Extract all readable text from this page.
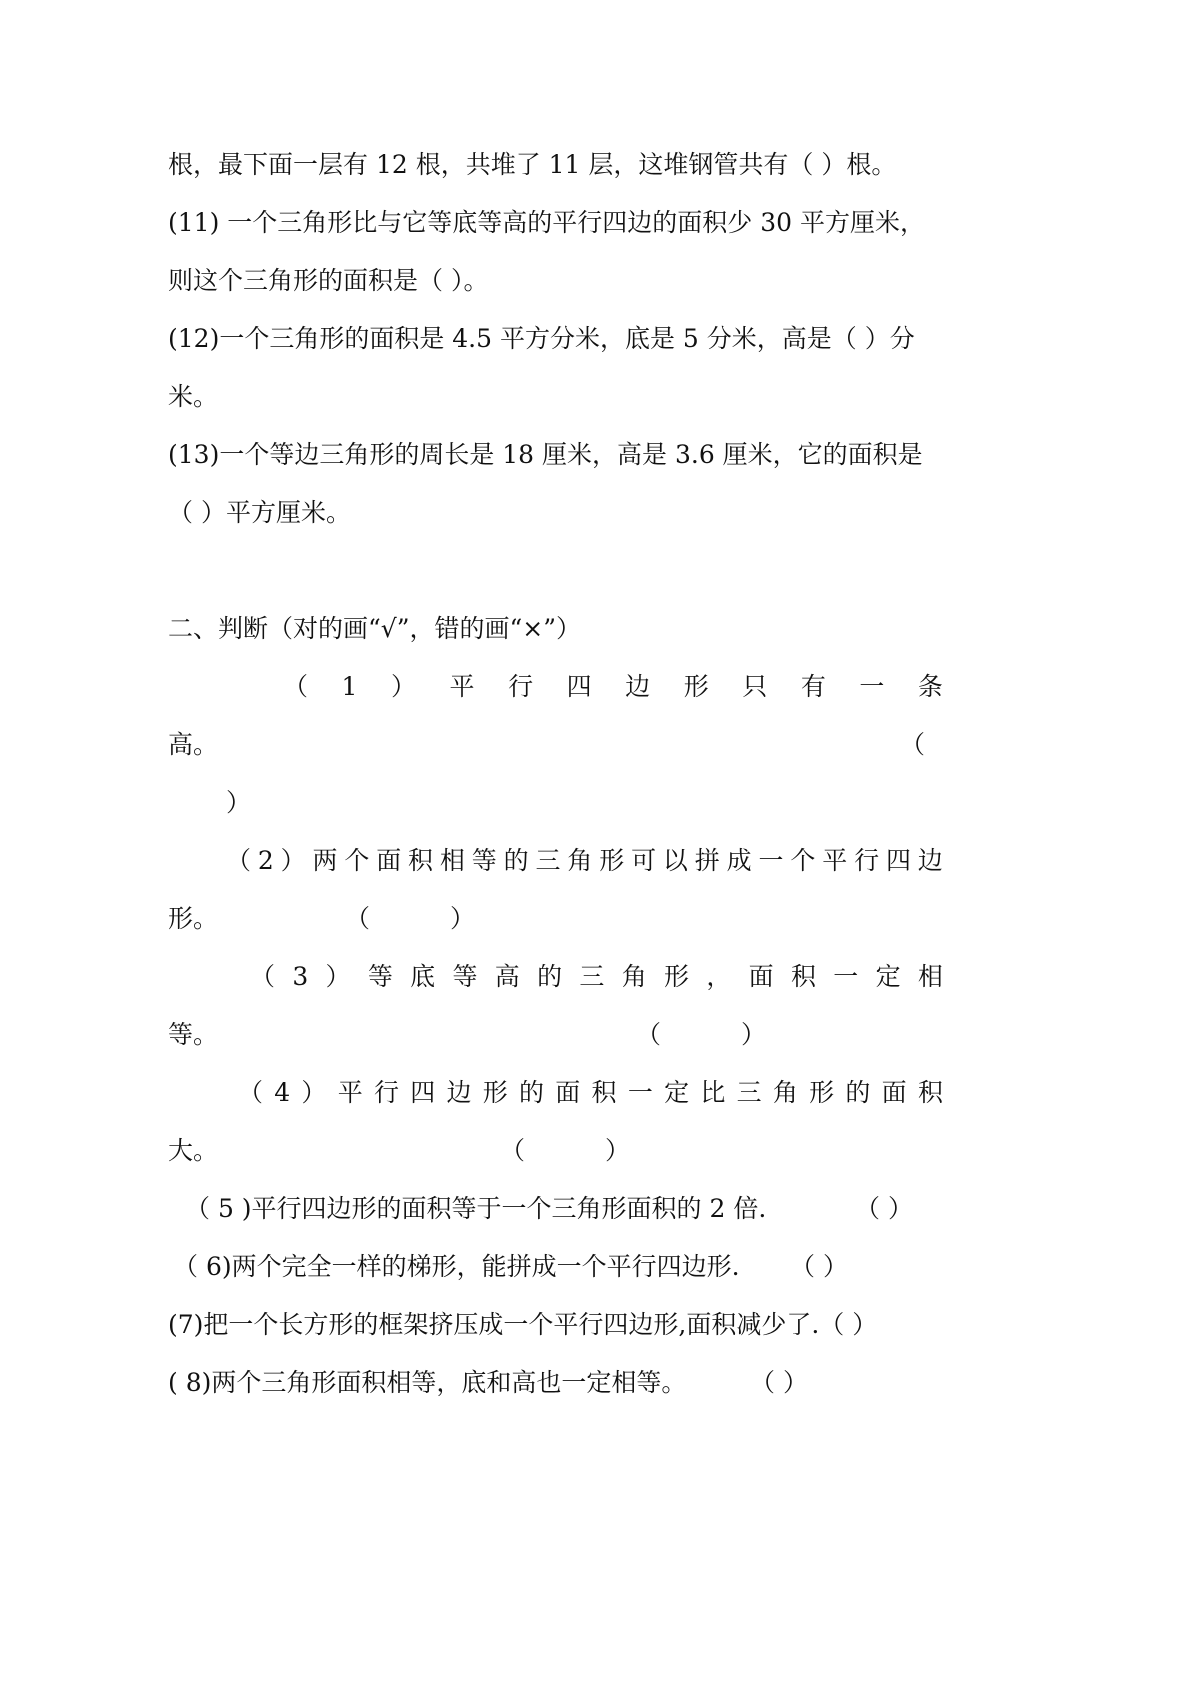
根，最下面一层有 12 根，共堆了 11 层，这堆钢管共有（ ）根。
(11) 一个三角形比与它等底等高的平行四边的面积少 30 平方厘米，
则这个三角形的面积是（ ）。
(12)一个三角形的面积是 4.5 平方分米，底是 5 分米，高是（ ）分
米。
(13)一个等边三角形的周长是 18 厘米，高是 3.6 厘米，它的面积是
（ ）平方厘米。
二、判断（对的画“√”，错的画“×”）
（ 1 ） 平 行 四 边 形 只 有 一 条
高。	（
）
（ 2 ） 两 个 面 积 相 等 的 三 角 形 可 以 拼 成 一 个 平 行 四 边
形。	（	）
（ 3 ） 等 底 等 高 的 三 角 形 ， 面 积 一 定 相
等。	（	）
（ 4 ） 平 行 四 边 形 的 面 积 一 定 比 三 角 形 的 面 积
大。	（	）
（ 5 )平行四边形的面积等于一个三角形面积的 2 倍.	（ ）
（ 6)两个完全一样的梯形，能拼成一个平行四边形. （ ）
(7)把一个长方形的框架挤压成一个平行四边形,面积减少了.（ ）
( 8)两个三角形面积相等，底和高也一定相等。	（ ）
